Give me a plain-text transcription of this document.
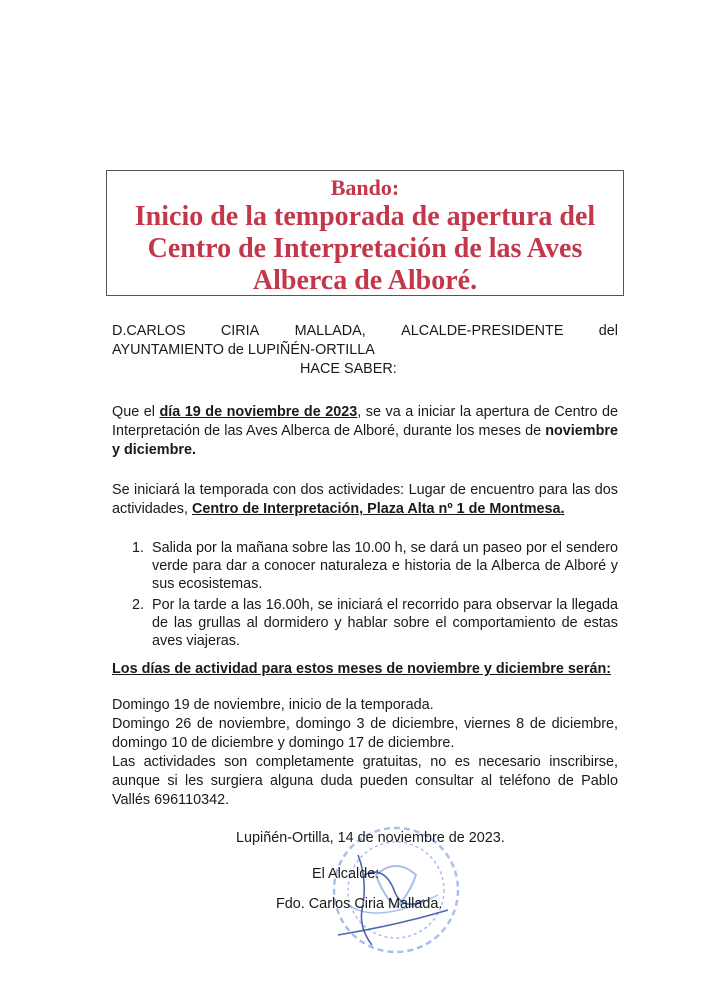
Bando:
Inicio de la temporada de apertura del
Centro de Interpretación de las Aves
Alberca de Alboré.
D.CARLOS CIRIA MALLADA, ALCALDE-PRESIDENTE del
AYUNTAMIENTO de LUPIÑÉN-ORTILLA
HACE SABER:
Que el día 19 de noviembre de 2023, se va a iniciar la apertura de Centro de
Interpretación de las Aves Alberca de Alboré, durante los meses de noviembre
y diciembre.
Se iniciará la temporada con dos actividades: Lugar de encuentro para las dos
actividades, Centro de Interpretación, Plaza Alta nº 1 de Montmesa.
1. Salida por la mañana sobre las 10.00 h, se dará un paseo por el sendero
verde para dar a conocer naturaleza e historia de la Alberca de Alboré y
sus ecosistemas.
2. Por la tarde a las 16.00h, se iniciará el recorrido para observar la llegada
de las grullas al dormidero y hablar sobre el comportamiento de estas
aves viajeras.
Los días de actividad para estos meses de noviembre y diciembre serán:
Domingo 19 de noviembre, inicio de la temporada.
Domingo 26 de noviembre, domingo 3 de diciembre, viernes 8 de diciembre,
domingo 10 de diciembre y domingo 17 de diciembre.
Las actividades son completamente gratuitas, no es necesario inscribirse,
aunque si les surgiera alguna duda pueden consultar al teléfono de Pablo
Vallés 696110342.
Lupiñén-Ortilla, 14 de noviembre de 2023.
El Alcalde:
Fdo. Carlos Ciria Mallada.
